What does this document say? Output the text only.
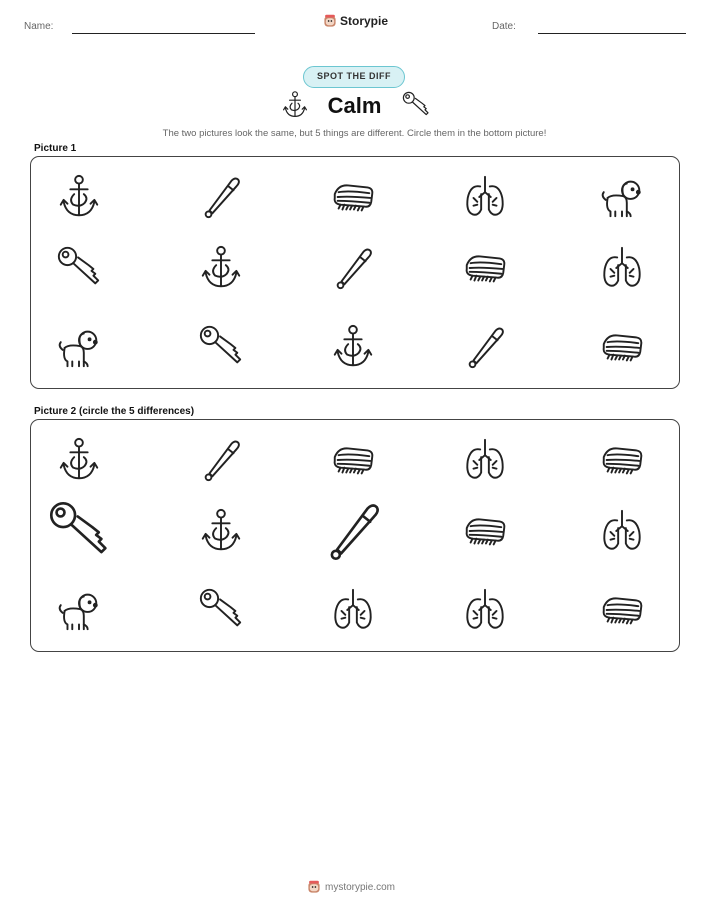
Name:	Storypie	Date:
SPOT THE DIFF
Calm
The two pictures look the same, but 5 things are different. Circle them in the bottom picture!
Picture 1
Picture 2 (circle the 5 differences)
mystorypie.com
